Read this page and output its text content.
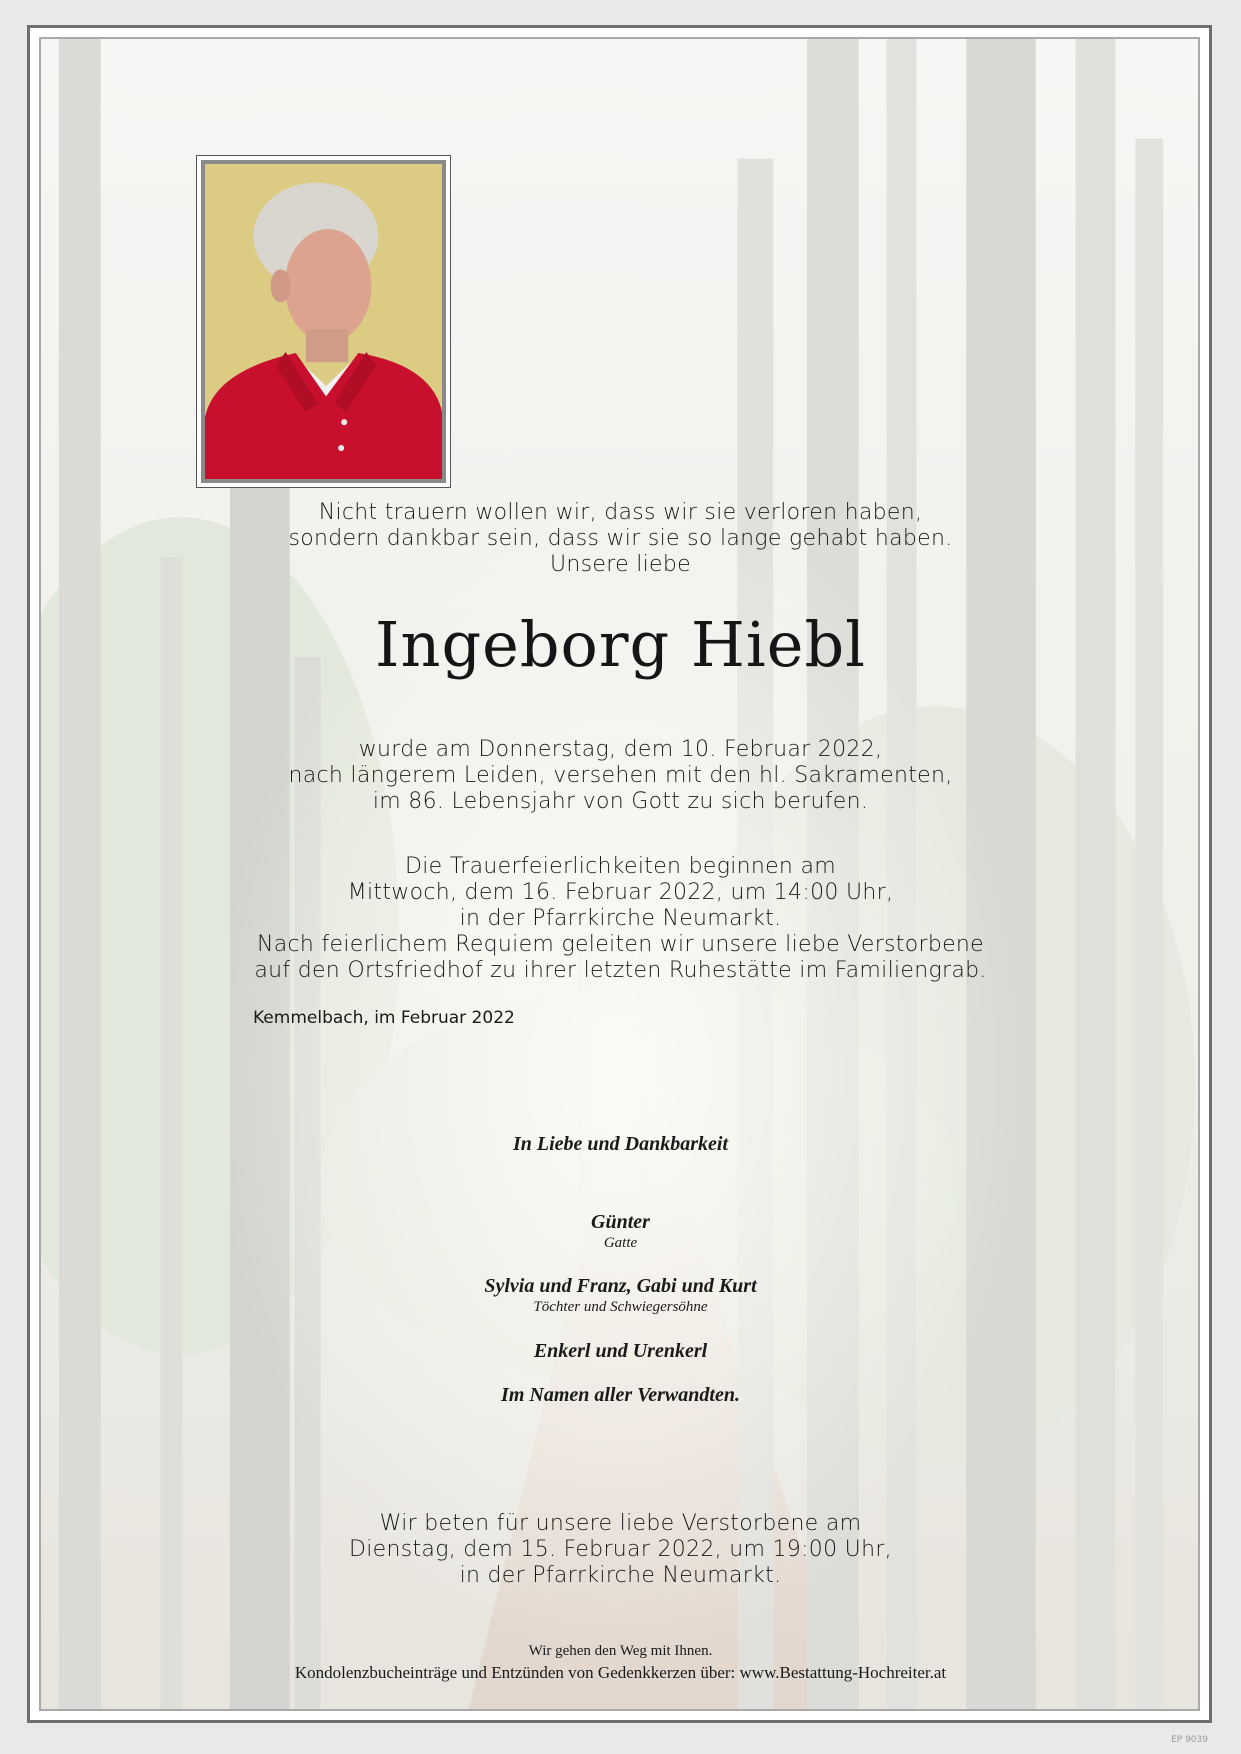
Nicht trauern wollen wir, dass wir sie verloren haben,
sondern dankbar sein, dass wir sie so lange gehabt haben.
Unsere liebe
Ingeborg Hiebl
wurde am Donnerstag, dem 10. Februar 2022,
nach längerem Leiden, versehen mit den hl. Sakramenten,
im 86. Lebensjahr von Gott zu sich berufen.
Die Trauerfeierlichkeiten beginnen am
Mittwoch, dem 16. Februar 2022, um 14:00 Uhr,
in der Pfarrkirche Neumarkt.
Nach feierlichem Requiem geleiten wir unsere liebe Verstorbene
auf den Ortsfriedhof zu ihrer letzten Ruhestätte im Familiengrab.
Kemmelbach, im Februar 2022
In Liebe und Dankbarkeit
Günter
Gatte
Sylvia und Franz, Gabi und Kurt
Töchter und Schwiegersöhne
Enkerl und Urenkerl
Im Namen aller Verwandten.
Wir beten für unsere liebe Verstorbene am
Dienstag, dem 15. Februar 2022, um 19:00 Uhr,
in der Pfarrkirche Neumarkt.
Wir gehen den Weg mit Ihnen.
Kondolenzbucheinträge und Entzünden von Gedenkkerzen über: www.Bestattung-Hochreiter.at
EP 9039
